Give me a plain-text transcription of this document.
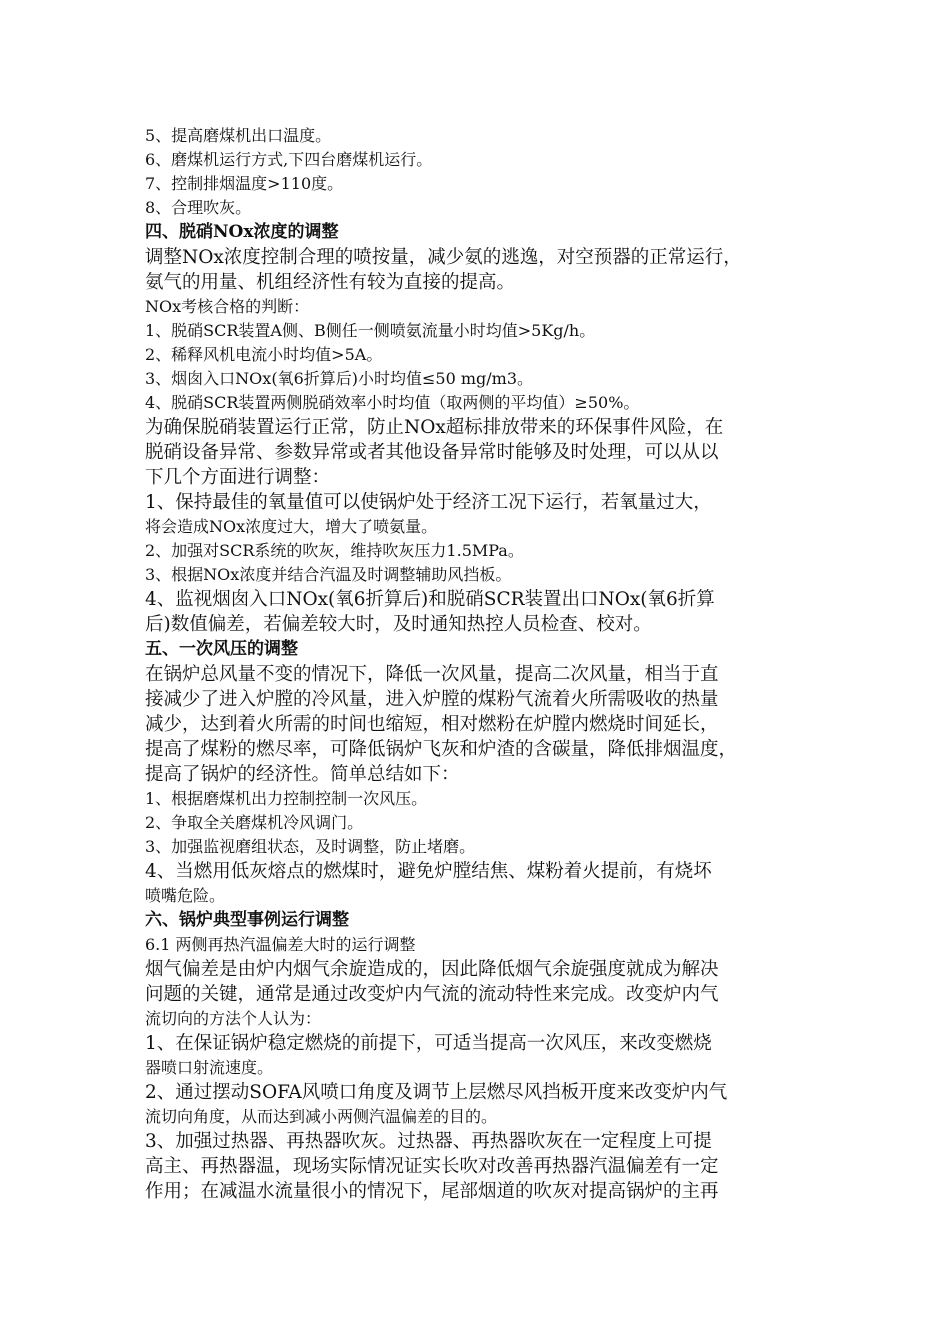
5、提高磨煤机出口温度。
6、磨煤机运行方式,下四台磨煤机运行。
7、控制排烟温度>110度。
8、合理吹灰。
四、脱硝NOx浓度的调整
调整NOx浓度控制合理的喷按量，减少氨的逃逸，对空预器的正常运行，
氨气的用量、机组经济性有较为直接的提高。
NOx考核合格的判断：
1、脱硝SCR装置A侧、B侧任一侧喷氨流量小时均值>5Kg/h。
2、稀释风机电流小时均值>5A。
3、烟囱入口NOx(氧6折算后)小时均值≤50 mg/m3。
4、脱硝SCR装置两侧脱硝效率小时均值（取两侧的平均值）≥50%。
为确保脱硝装置运行正常，防止NOx超标排放带来的环保事件风险，在
脱硝设备异常、参数异常或者其他设备异常时能够及时处理，可以从以
下几个方面进行调整：
1、保持最佳的氧量值可以使锅炉处于经济工况下运行，若氧量过大，
将会造成NOx浓度过大，增大了喷氨量。
2、加强对SCR系统的吹灰，维持吹灰压力1.5MPa。
3、根据NOx浓度并结合汽温及时调整辅助风挡板。
4、监视烟囱入口NOx(氧6折算后)和脱硝SCR装置出口NOx(氧6折算
后)数值偏差，若偏差较大时，及时通知热控人员检查、校对。
五、一次风压的调整
在锅炉总风量不变的情况下，降低一次风量，提高二次风量，相当于直
接减少了进入炉膛的冷风量，进入炉膛的煤粉气流着火所需吸收的热量
减少，达到着火所需的时间也缩短，相对燃粉在炉膛内燃烧时间延长，
提高了煤粉的燃尽率，可降低锅炉飞灰和炉渣的含碳量，降低排烟温度，
提高了锅炉的经济性。简单总结如下：
1、根据磨煤机出力控制控制一次风压。
2、争取全关磨煤机冷风调门。
3、加强监视磨组状态，及时调整，防止堵磨。
4、当燃用低灰熔点的燃煤时，避免炉膛结焦、煤粉着火提前，有烧坏
喷嘴危险。
六、锅炉典型事例运行调整
6.1 两侧再热汽温偏差大时的运行调整
烟气偏差是由炉内烟气余旋造成的，因此降低烟气余旋强度就成为解决
问题的关键，通常是通过改变炉内气流的流动特性来完成。改变炉内气
流切向的方法个人认为：
1、在保证锅炉稳定燃烧的前提下，可适当提高一次风压，来改变燃烧
器喷口射流速度。
2、通过摆动SOFA风喷口角度及调节上层燃尽风挡板开度来改变炉内气
流切向角度，从而达到减小两侧汽温偏差的目的。
3、加强过热器、再热器吹灰。过热器、再热器吹灰在一定程度上可提
高主、再热器温，现场实际情况证实长吹对改善再热器汽温偏差有一定
作用；在减温水流量很小的情况下，尾部烟道的吹灰对提高锅炉的主再
